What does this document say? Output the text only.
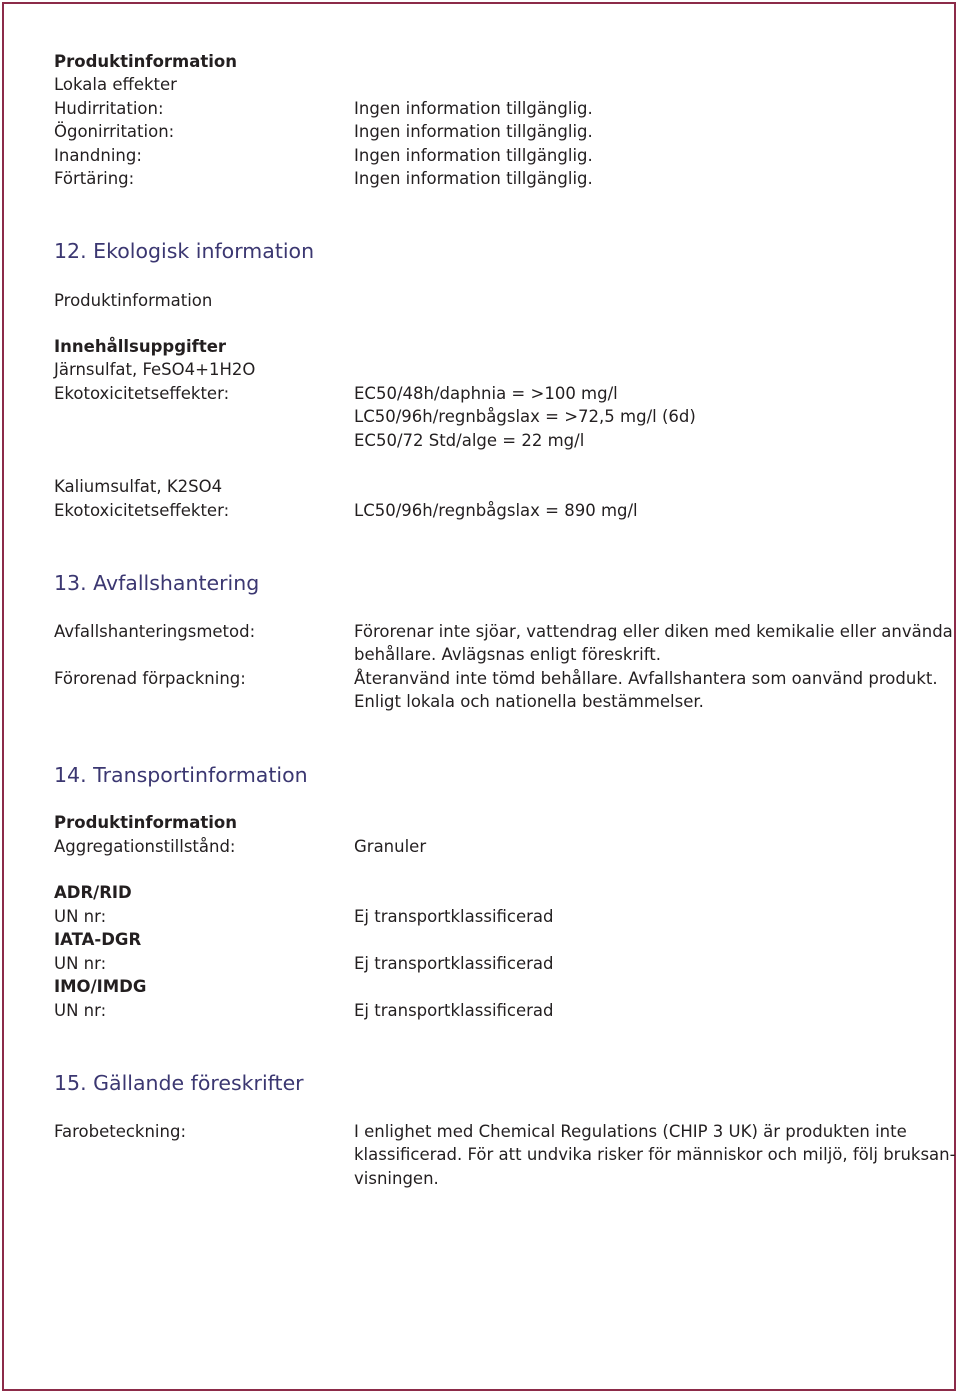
Produktinformation
Lokala effekter
Hudirritation:	Ingen information tillgänglig.
Ögonirritation:	Ingen information tillgänglig.
Inandning:	Ingen information tillgänglig.
Förtäring:	Ingen information tillgänglig.
12. Ekologisk information
Produktinformation
Innehållsuppgifter
Järnsulfat, FeSO4+1H2O
Ekotoxicitetseffekter:	EC50/48h/daphnia = >100 mg/l
LC50/96h/regnbågslax = >72,5 mg/l (6d)
EC50/72 Std/alge = 22 mg/l
Kaliumsulfat, K2SO4
Ekotoxicitetseffekter:	LC50/96h/regnbågslax = 890 mg/l
13. Avfallshantering
Avfallshanteringsmetod:	Förorenar inte sjöar, vattendrag eller diken med kemikalie eller använda
behållare. Avlägsnas enligt föreskrift.
Förorenad förpackning:	Återanvänd inte tömd behållare. Avfallshantera som oanvänd produkt.
Enligt lokala och nationella bestämmelser.
14. Transportinformation
Produktinformation
Aggregationstillstånd:	Granuler
ADR/RID
UN nr:	Ej transportklassificerad
IATA-DGR
UN nr:	Ej transportklassificerad
IMO/IMDG
UN nr:	Ej transportklassificerad
15. Gällande föreskrifter
Farobeteckning:	I enlighet med Chemical Regulations (CHIP 3 UK) är produkten inte
klassificerad. För att undvika risker för människor och miljö, följ bruksan-
visningen.
